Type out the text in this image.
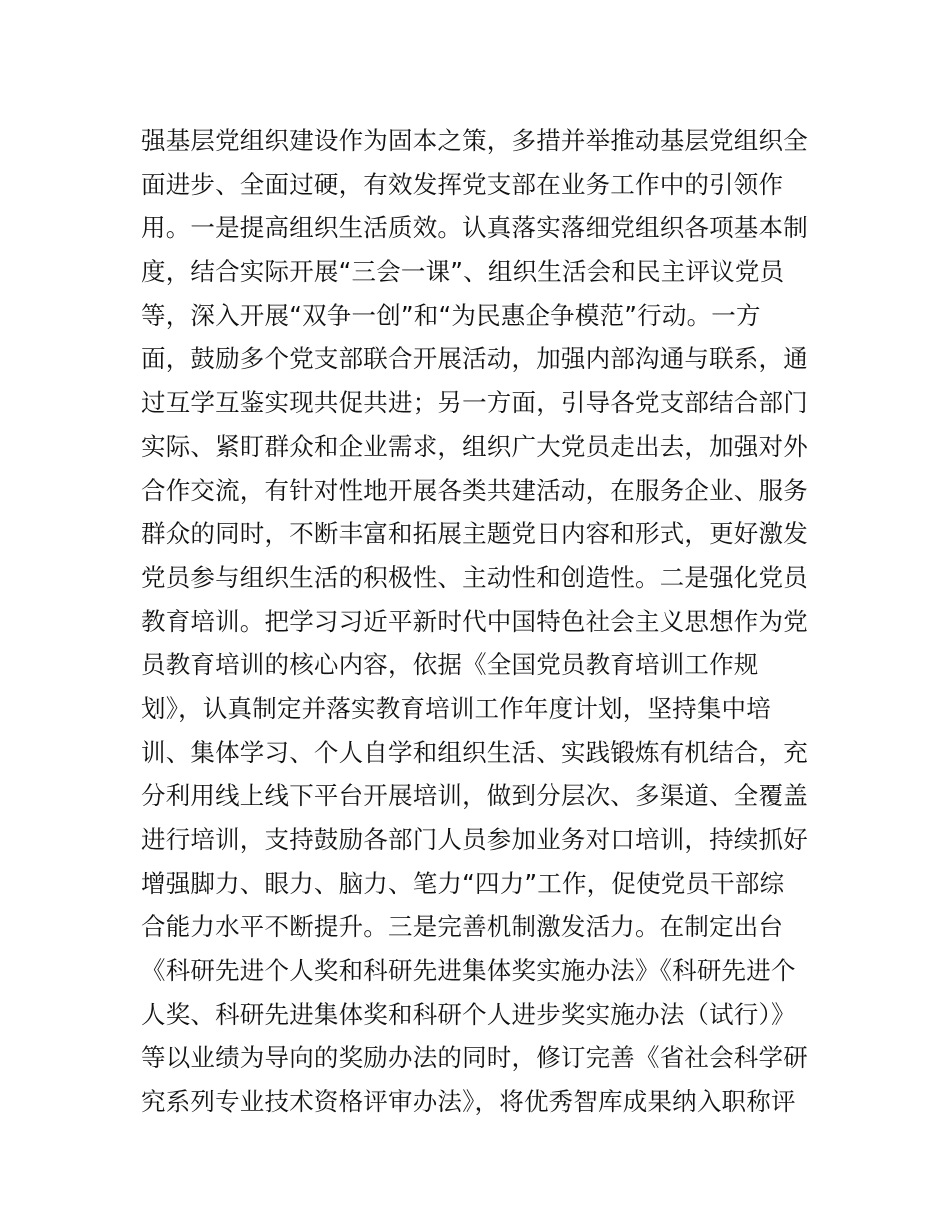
强基层党组织建设作为固本之策，多措并举推动基层党组织全
面进步、全面过硬，有效发挥党支部在业务工作中的引领作
用。一是提高组织生活质效。认真落实落细党组织各项基本制
度，结合实际开展“三会一课”、组织生活会和民主评议党员
等，深入开展“双争一创”和“为民惠企争模范”行动。一方
面，鼓励多个党支部联合开展活动，加强内部沟通与联系，通
过互学互鉴实现共促共进；另一方面，引导各党支部结合部门
实际、紧盯群众和企业需求，组织广大党员走出去，加强对外
合作交流，有针对性地开展各类共建活动，在服务企业、服务
群众的同时，不断丰富和拓展主题党日内容和形式，更好激发
党员参与组织生活的积极性、主动性和创造性。二是强化党员
教育培训。把学习习近平新时代中国特色社会主义思想作为党
员教育培训的核心内容，依据《全国党员教育培训工作规
划》，认真制定并落实教育培训工作年度计划，坚持集中培
训、集体学习、个人自学和组织生活、实践锻炼有机结合，充
分利用线上线下平台开展培训，做到分层次、多渠道、全覆盖
进行培训，支持鼓励各部门人员参加业务对口培训，持续抓好
增强脚力、眼力、脑力、笔力“四力”工作，促使党员干部综
合能力水平不断提升。三是完善机制激发活力。在制定出台
《科研先进个人奖和科研先进集体奖实施办法》《科研先进个
人奖、科研先进集体奖和科研个人进步奖实施办法（试行）》
等以业绩为导向的奖励办法的同时，修订完善《省社会科学研
究系列专业技术资格评审办法》，将优秀智库成果纳入职称评
